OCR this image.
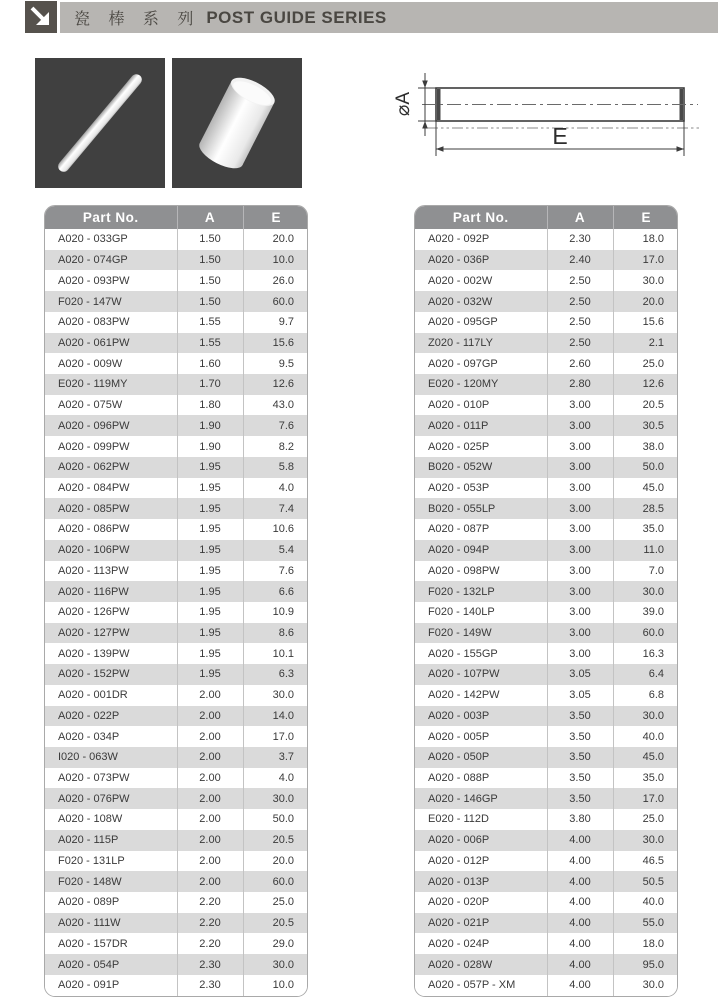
瓷 棒 系 列 POST GUIDE SERIES
⌀A
E
Part No.	A	E
A020 - 033GP	1.50	20.0
A020 - 074GP	1.50	10.0
A020 - 093PW	1.50	26.0
F020 - 147W	1.50	60.0
A020 - 083PW	1.55	9.7
A020 - 061PW	1.55	15.6
A020 - 009W	1.60	9.5
E020 - 119MY	1.70	12.6
A020 - 075W	1.80	43.0
A020 - 096PW	1.90	7.6
A020 - 099PW	1.90	8.2
A020 - 062PW	1.95	5.8
A020 - 084PW	1.95	4.0
A020 - 085PW	1.95	7.4
A020 - 086PW	1.95	10.6
A020 - 106PW	1.95	5.4
A020 - 113PW	1.95	7.6
A020 - 116PW	1.95	6.6
A020 - 126PW	1.95	10.9
A020 - 127PW	1.95	8.6
A020 - 139PW	1.95	10.1
A020 - 152PW	1.95	6.3
A020 - 001DR	2.00	30.0
A020 - 022P	2.00	14.0
A020 - 034P	2.00	17.0
I020 - 063W	2.00	3.7
A020 - 073PW	2.00	4.0
A020 - 076PW	2.00	30.0
A020 - 108W	2.00	50.0
A020 - 115P	2.00	20.5
F020 - 131LP	2.00	20.0
F020 - 148W	2.00	60.0
A020 - 089P	2.20	25.0
A020 - 111W	2.20	20.5
A020 - 157DR	2.20	29.0
A020 - 054P	2.30	30.0
A020 - 091P	2.30	10.0
Part No.	A	E
A020 - 092P	2.30	18.0
A020 - 036P	2.40	17.0
A020 - 002W	2.50	30.0
A020 - 032W	2.50	20.0
A020 - 095GP	2.50	15.6
Z020 - 117LY	2.50	2.1
A020 - 097GP	2.60	25.0
E020 - 120MY	2.80	12.6
A020 - 010P	3.00	20.5
A020 - 011P	3.00	30.5
A020 - 025P	3.00	38.0
B020 - 052W	3.00	50.0
A020 - 053P	3.00	45.0
B020 - 055LP	3.00	28.5
A020 - 087P	3.00	35.0
A020 - 094P	3.00	11.0
A020 - 098PW	3.00	7.0
F020 - 132LP	3.00	30.0
F020 - 140LP	3.00	39.0
F020 - 149W	3.00	60.0
A020 - 155GP	3.00	16.3
A020 - 107PW	3.05	6.4
A020 - 142PW	3.05	6.8
A020 - 003P	3.50	30.0
A020 - 005P	3.50	40.0
A020 - 050P	3.50	45.0
A020 - 088P	3.50	35.0
A020 - 146GP	3.50	17.0
E020 - 112D	3.80	25.0
A020 - 006P	4.00	30.0
A020 - 012P	4.00	46.5
A020 - 013P	4.00	50.5
A020 - 020P	4.00	40.0
A020 - 021P	4.00	55.0
A020 - 024P	4.00	18.0
A020 - 028W	4.00	95.0
A020 - 057P - XM	4.00	30.0
